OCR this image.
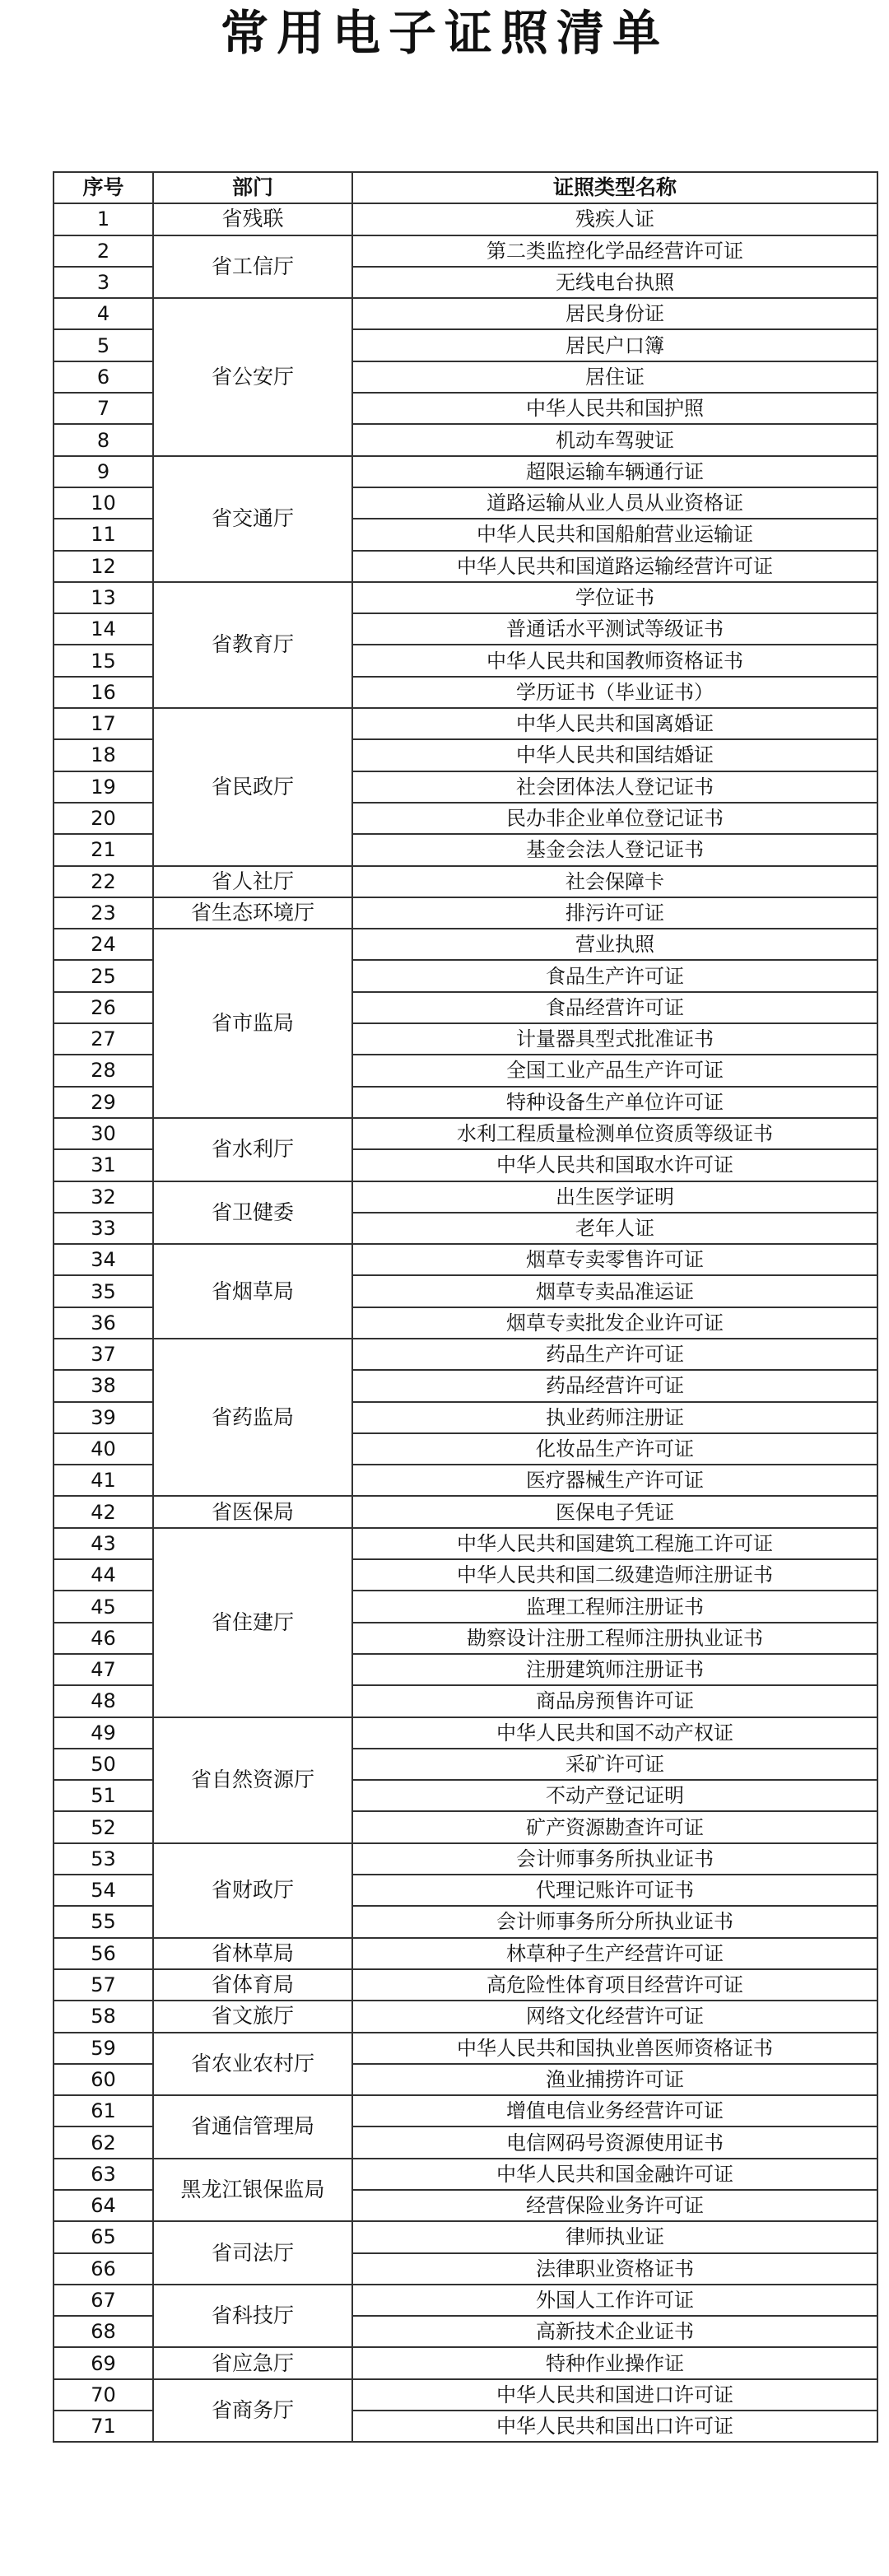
常用电子证照清单
序号	部门	证照类型名称
1	省残联	残疾人证
2	省工信厅	第二类监控化学品经营许可证
3		无线电台执照
4	省公安厅	居民身份证
5		居民户口簿
6		居住证
7		中华人民共和国护照
8		机动车驾驶证
9	省交通厅	超限运输车辆通行证
10		道路运输从业人员从业资格证
11		中华人民共和国船舶营业运输证
12		中华人民共和国道路运输经营许可证
13	省教育厅	学位证书
14		普通话水平测试等级证书
15		中华人民共和国教师资格证书
16		学历证书（毕业证书）
17	省民政厅	中华人民共和国离婚证
18		中华人民共和国结婚证
19		社会团体法人登记证书
20		民办非企业单位登记证书
21		基金会法人登记证书
22	省人社厅	社会保障卡
23	省生态环境厅	排污许可证
24	省市监局	营业执照
25		食品生产许可证
26		食品经营许可证
27		计量器具型式批准证书
28		全国工业产品生产许可证
29		特种设备生产单位许可证
30	省水利厅	水利工程质量检测单位资质等级证书
31		中华人民共和国取水许可证
32	省卫健委	出生医学证明
33		老年人证
34	省烟草局	烟草专卖零售许可证
35		烟草专卖品准运证
36		烟草专卖批发企业许可证
37	省药监局	药品生产许可证
38		药品经营许可证
39		执业药师注册证
40		化妆品生产许可证
41		医疗器械生产许可证
42	省医保局	医保电子凭证
43	省住建厅	中华人民共和国建筑工程施工许可证
44		中华人民共和国二级建造师注册证书
45		监理工程师注册证书
46		勘察设计注册工程师注册执业证书
47		注册建筑师注册证书
48		商品房预售许可证
49	省自然资源厅	中华人民共和国不动产权证
50		采矿许可证
51		不动产登记证明
52		矿产资源勘查许可证
53	省财政厅	会计师事务所执业证书
54		代理记账许可证书
55		会计师事务所分所执业证书
56	省林草局	林草种子生产经营许可证
57	省体育局	高危险性体育项目经营许可证
58	省文旅厅	网络文化经营许可证
59	省农业农村厅	中华人民共和国执业兽医师资格证书
60		渔业捕捞许可证
61	省通信管理局	增值电信业务经营许可证
62		电信网码号资源使用证书
63	黑龙江银保监局	中华人民共和国金融许可证
64		经营保险业务许可证
65	省司法厅	律师执业证
66		法律职业资格证书
67	省科技厅	外国人工作许可证
68		高新技术企业证书
69	省应急厅	特种作业操作证
70	省商务厅	中华人民共和国进口许可证
71		中华人民共和国出口许可证
